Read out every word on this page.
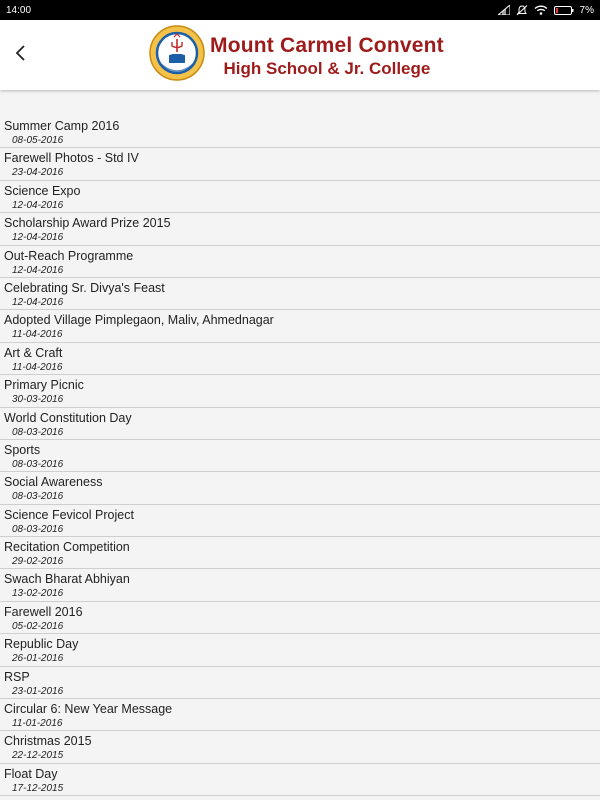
14:00	7%
Mount Carmel Convent
High School & Jr. College
Summer Camp 2016
08-05-2016
Farewell Photos - Std IV
23-04-2016
Science Expo
12-04-2016
Scholarship Award Prize 2015
12-04-2016
Out-Reach Programme
12-04-2016
Celebrating Sr. Divya's Feast
12-04-2016
Adopted Village Pimplegaon, Maliv, Ahmednagar
11-04-2016
Art & Craft
11-04-2016
Primary Picnic
30-03-2016
World Constitution Day
08-03-2016
Sports
08-03-2016
Social Awareness
08-03-2016
Science Fevicol Project
08-03-2016
Recitation Competition
29-02-2016
Swach Bharat Abhiyan
13-02-2016
Farewell 2016
05-02-2016
Republic Day
26-01-2016
RSP
23-01-2016
Circular 6: New Year Message
11-01-2016
Christmas 2015
22-12-2015
Float Day
17-12-2015
